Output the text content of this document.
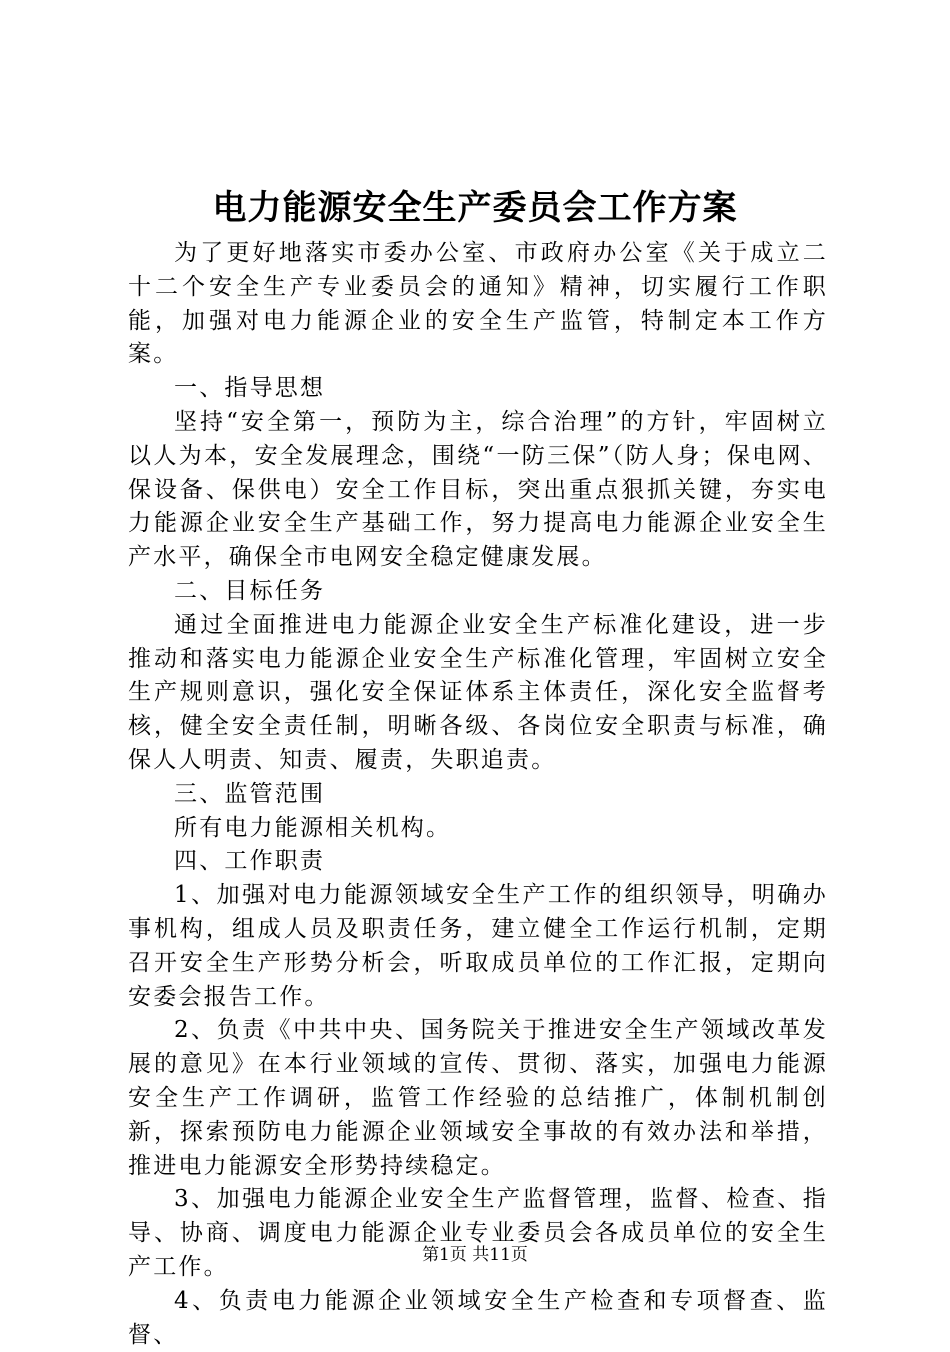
电力能源安全生产委员会工作方案

为了更好地落实市委办公室、市政府办公室《关于成立二十二个安全生产专业委员会的通知》精神，切实履行工作职能，加强对电力能源企业的安全生产监管，特制定本工作方案。

一、指导思想

坚持“安全第一，预防为主，综合治理”的方针，牢固树立以人为本，安全发展理念，围绕“一防三保”（防人身；保电网、保设备、保供电）安全工作目标，突出重点狠抓关键，夯实电力能源企业安全生产基础工作，努力提高电力能源企业安全生产水平，确保全市电网安全稳定健康发展。

二、目标任务

通过全面推进电力能源企业安全生产标准化建设，进一步推动和落实电力能源企业安全生产标准化管理，牢固树立安全生产规则意识，强化安全保证体系主体责任，深化安全监督考核，健全安全责任制，明晰各级、各岗位安全职责与标准，确保人人明责、知责、履责，失职追责。

三、监管范围

所有电力能源相关机构。

四、工作职责

1、加强对电力能源领域安全生产工作的组织领导，明确办事机构，组成人员及职责任务，建立健全工作运行机制，定期召开安全生产形势分析会，听取成员单位的工作汇报，定期向安委会报告工作。

2、负责《中共中央、国务院关于推进安全生产领域改革发展的意见》在本行业领域的宣传、贯彻、落实，加强电力能源安全生产工作调研，监管工作经验的总结推广，体制机制创新，探索预防电力能源企业领域安全事故的有效办法和举措，推进电力能源安全形势持续稳定。

3、加强电力能源企业安全生产监督管理，监督、检查、指导、协商、调度电力能源企业专业委员会各成员单位的安全生产工作。

4、负责电力能源企业领域安全生产检查和专项督查、监督、

第1页 共11页
